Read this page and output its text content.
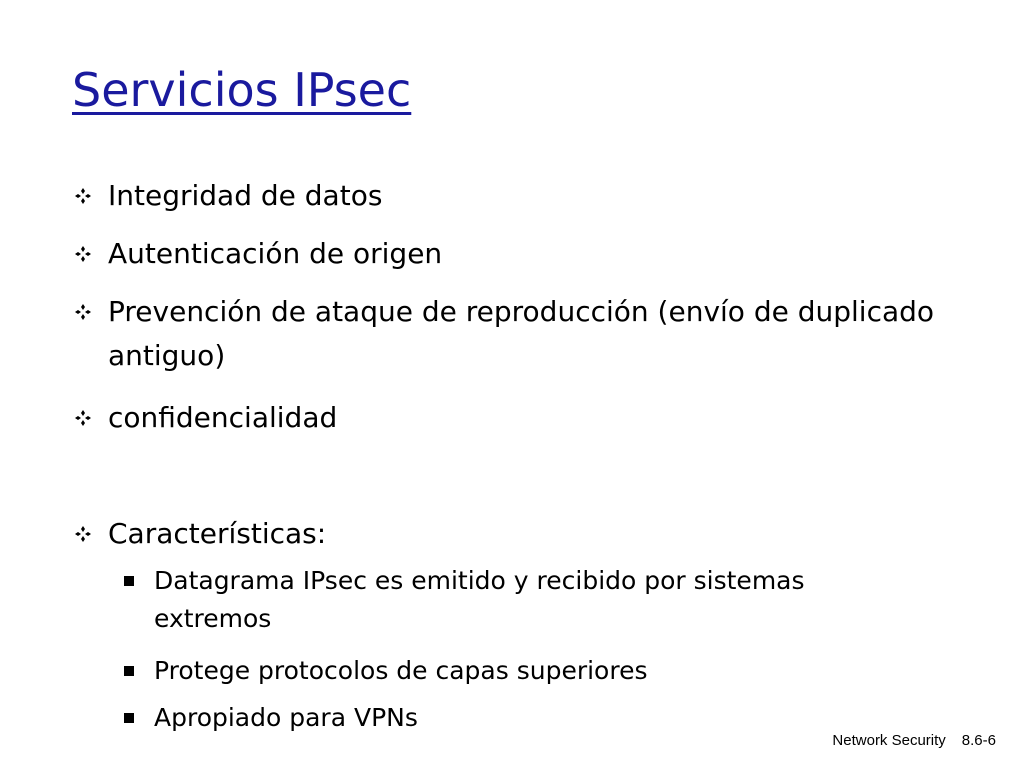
Servicios IPsec
Integridad de datos
Autenticación de origen
Prevención de ataque de reproducción (envío de duplicado antiguo)
confidencialidad
Características:
Datagrama IPsec es emitido y recibido por sistemas extremos
Protege protocolos de capas superiores
Apropiado para VPNs
Network Security 8.6-6
